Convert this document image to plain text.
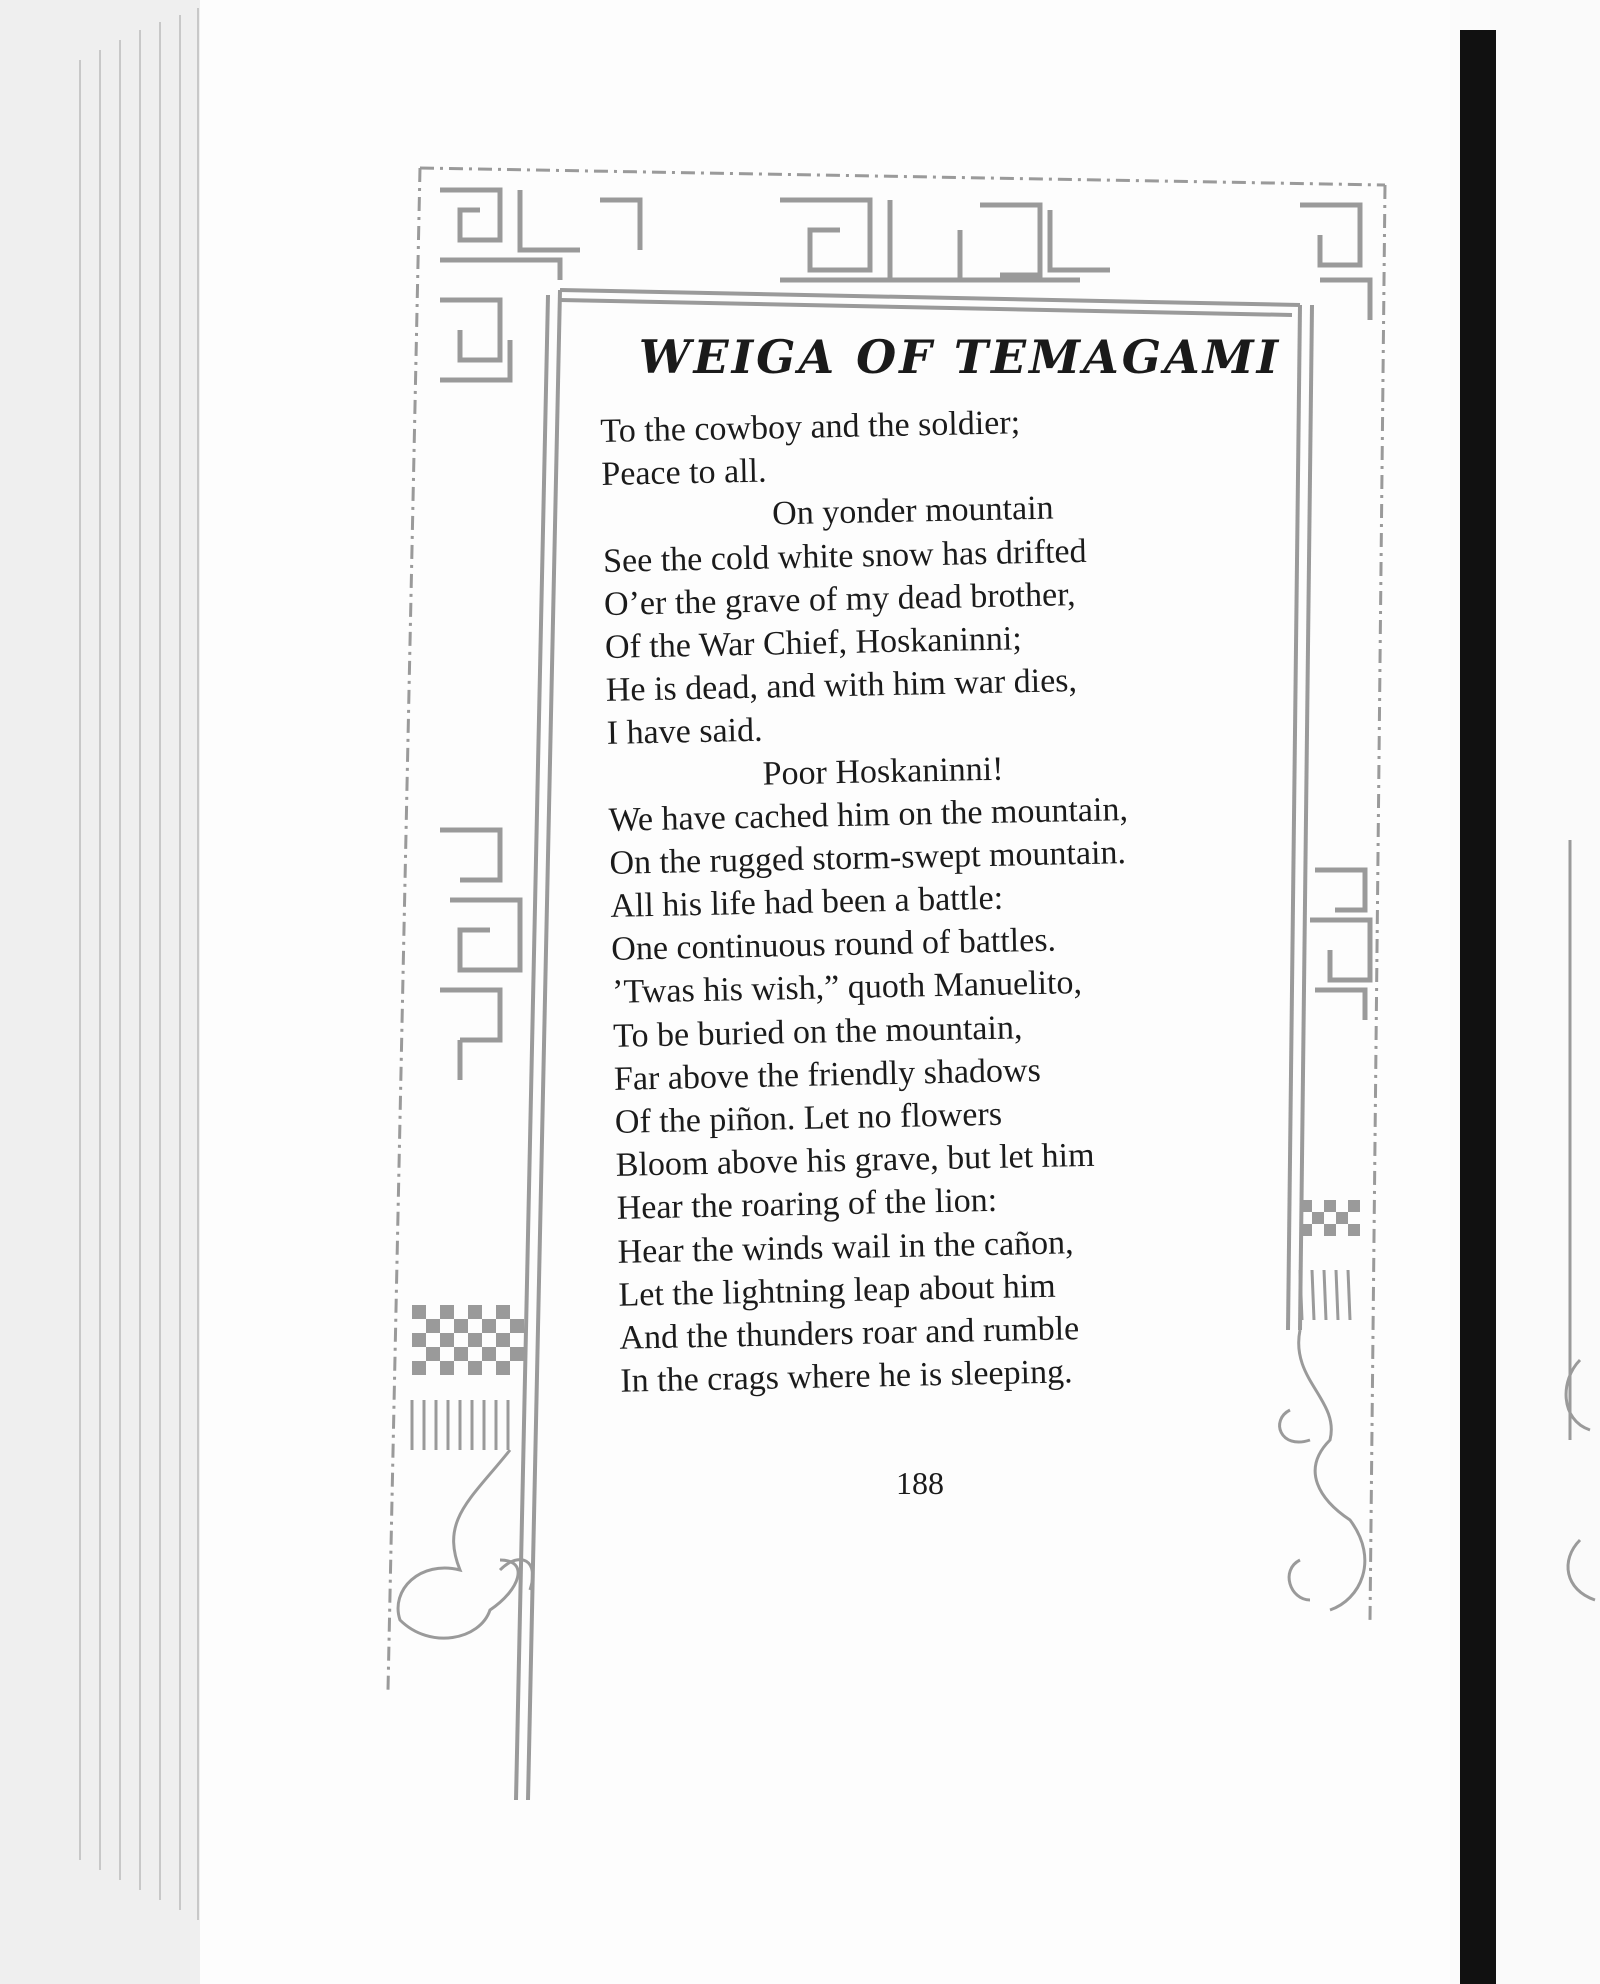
WEIGA OF TEMAGAMI
To the cowboy and the soldier;
Peace to all.
On yonder mountain
See the cold white snow has drifted
O’er the grave of my dead brother,
Of the War Chief, Hoskaninni;
He is dead, and with him war dies,
I have said.
Poor Hoskaninni!
We have cached him on the mountain,
On the rugged storm-swept mountain.
All his life had been a battle:
One continuous round of battles.
’Twas his wish,” quoth Manuelito,
To be buried on the mountain,
Far above the friendly shadows
Of the piñon. Let no flowers
Bloom above his grave, but let him
Hear the roaring of the lion:
Hear the winds wail in the cañon,
Let the lightning leap about him
And the thunders roar and rumble
In the crags where he is sleeping.
188
